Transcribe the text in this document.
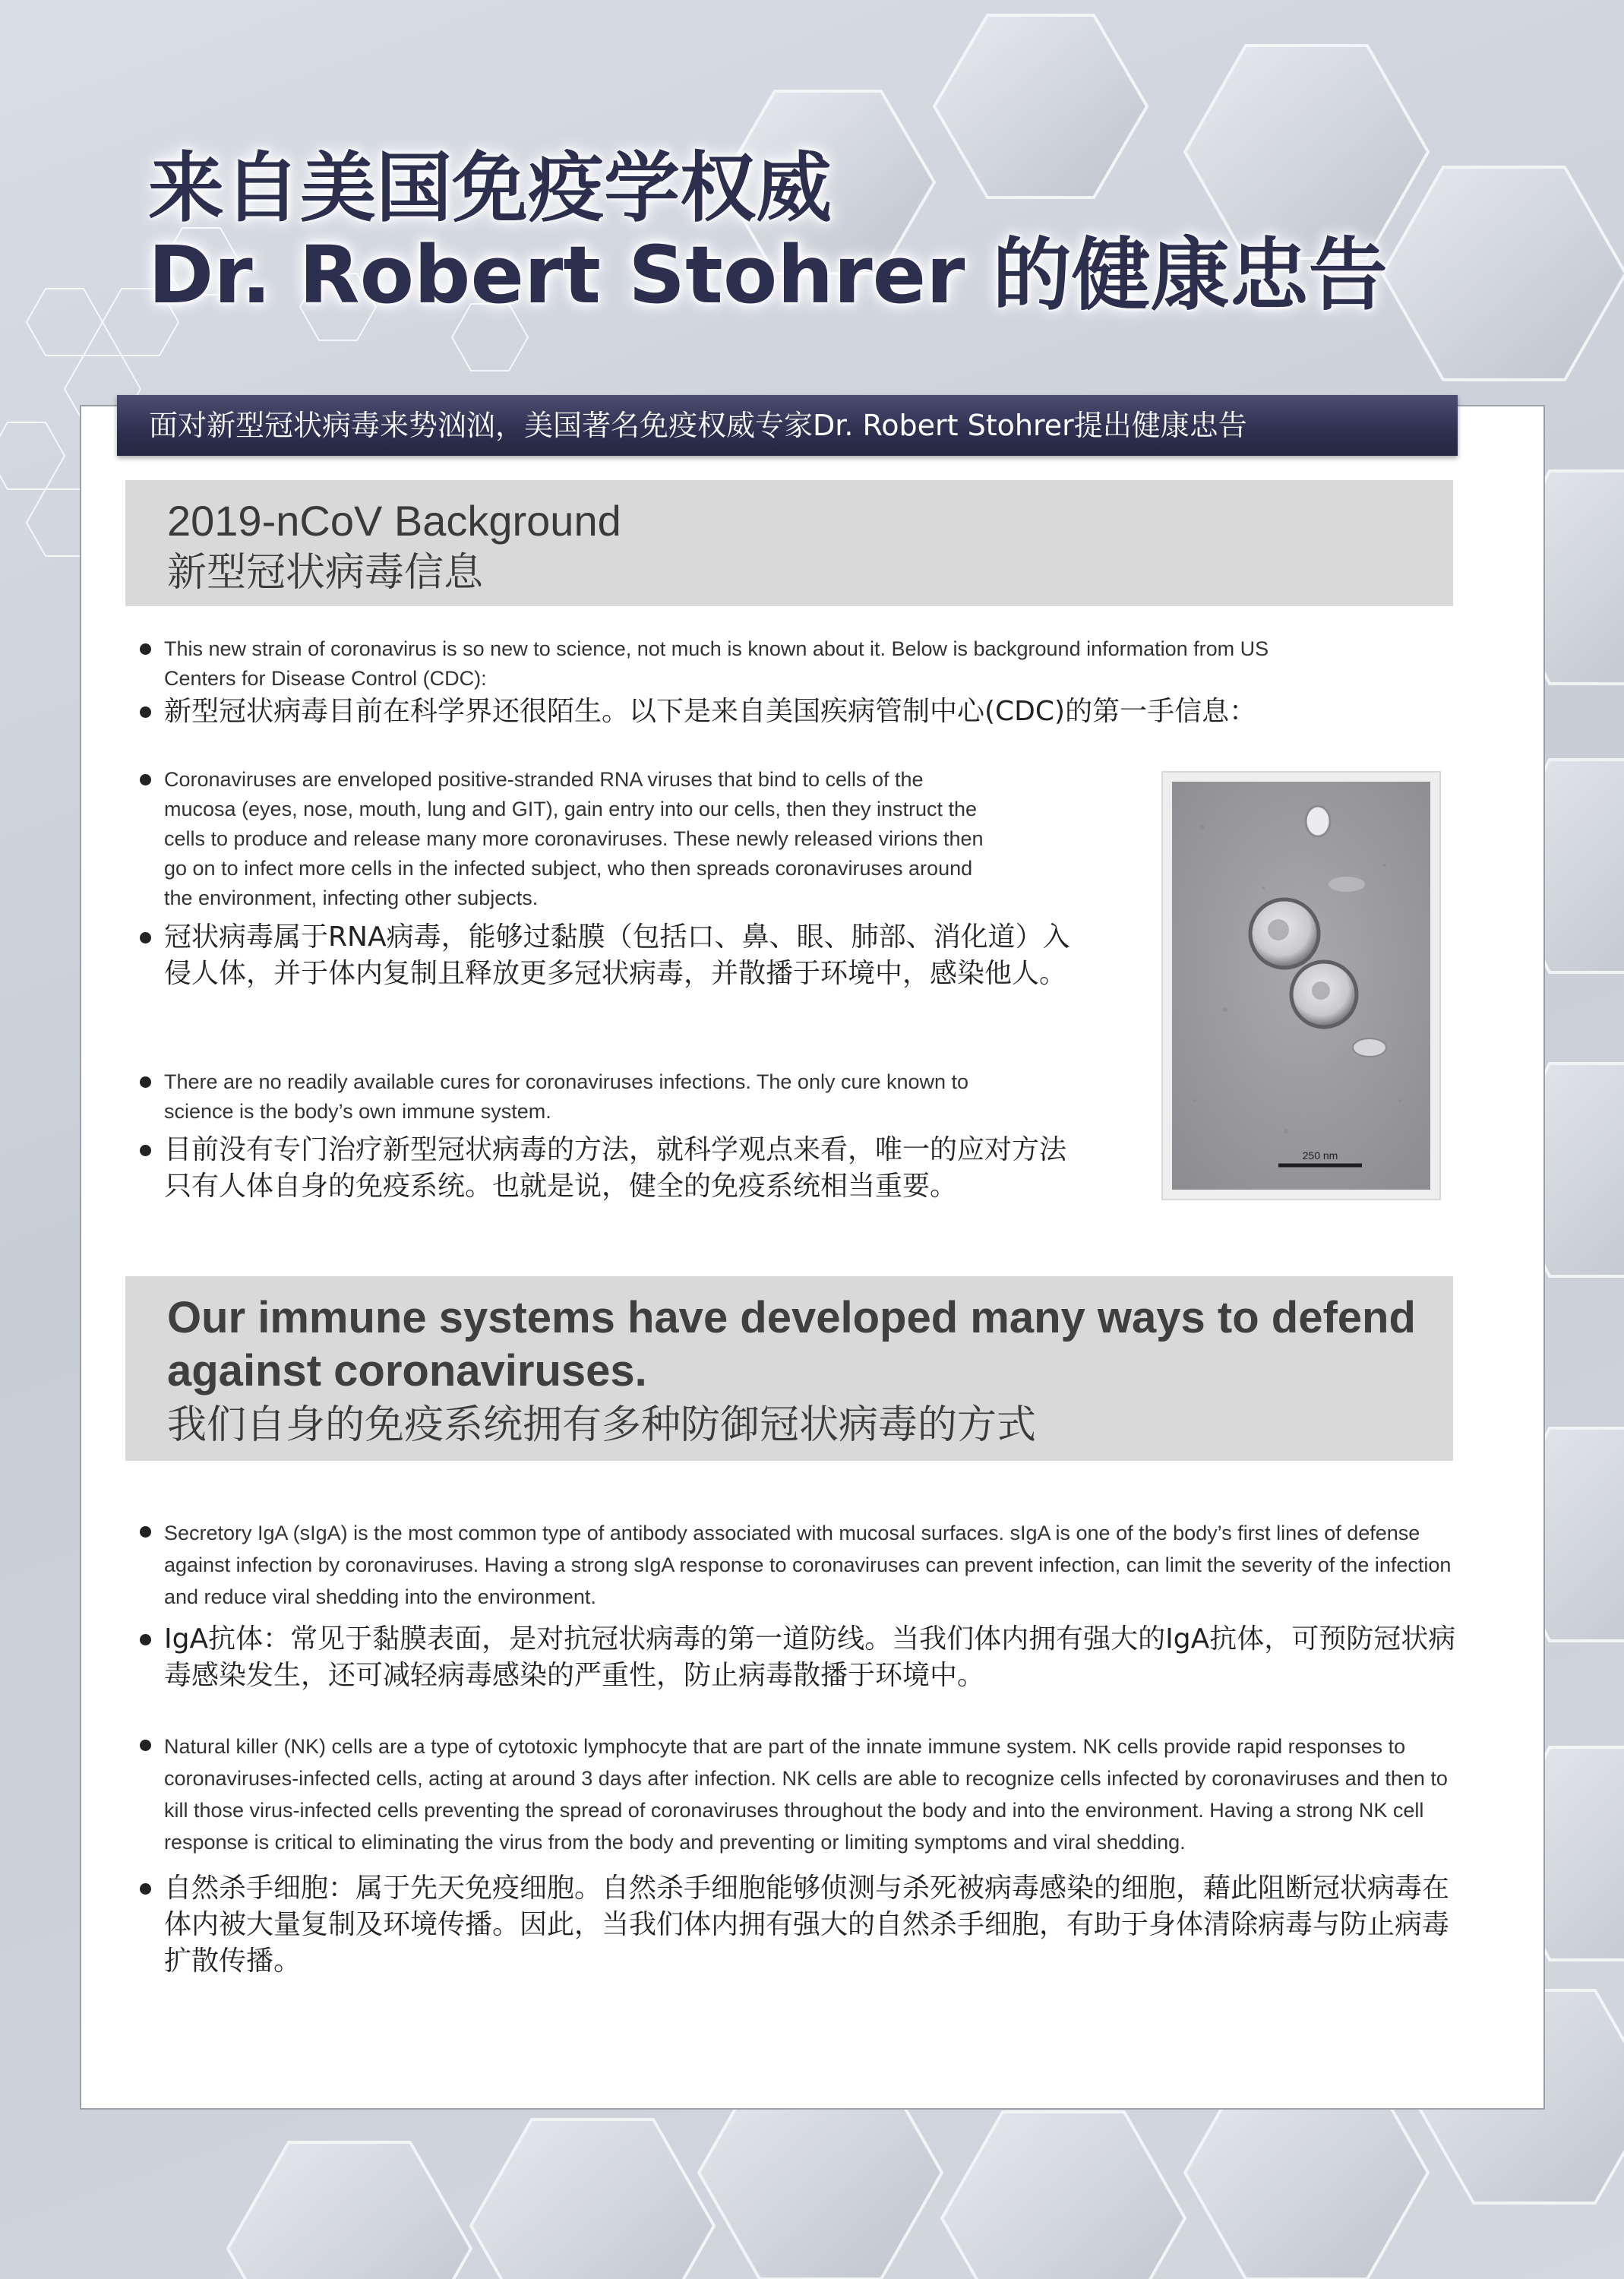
来自美国免疫学权威
Dr. Robert Stohrer 的健康忠告
面对新型冠状病毒来势汹汹，美国著名免疫权威专家Dr. Robert Stohrer提出健康忠告
2019-nCoV Background
新型冠状病毒信息
This new strain of coronavirus is so new to science, not much is known about it. Below is background information from US Centers for Disease Control (CDC):
新型冠状病毒目前在科学界还很陌生。以下是来自美国疾病管制中心(CDC)的第一手信息：
Coronaviruses are enveloped positive-stranded RNA viruses that bind to cells of the mucosa (eyes, nose, mouth, lung and GIT), gain entry into our cells, then they instruct the cells to produce and release many more coronaviruses. These newly released virions then go on to infect more cells in the infected subject, who then spreads coronaviruses around the environment, infecting other subjects.
冠状病毒属于RNA病毒，能够过黏膜（包括口、鼻、眼、肺部、消化道）入侵人体，并于体内复制且释放更多冠状病毒，并散播于环境中，感染他人。
There are no readily available cures for coronaviruses infections. The only cure known to science is the body’s own immune system.
目前没有专门治疗新型冠状病毒的方法，就科学观点来看，唯一的应对方法只有人体自身的免疫系统。也就是说，健全的免疫系统相当重要。
250 nm
Our immune systems have developed many ways to defend against coronaviruses.
我们自身的免疫系统拥有多种防御冠状病毒的方式
Secretory IgA (sIgA) is the most common type of antibody associated with mucosal surfaces. sIgA is one of the body’s first lines of defense against infection by coronaviruses. Having a strong sIgA response to coronaviruses can prevent infection, can limit the severity of the infection and reduce viral shedding into the environment.
IgA抗体：常见于黏膜表面，是对抗冠状病毒的第一道防线。当我们体内拥有强大的IgA抗体，可预防冠状病毒感染发生，还可减轻病毒感染的严重性，防止病毒散播于环境中。
Natural killer (NK) cells are a type of cytotoxic lymphocyte that are part of the innate immune system. NK cells provide rapid responses to coronaviruses-infected cells, acting at around 3 days after infection. NK cells are able to recognize cells infected by coronaviruses and then to kill those virus-infected cells preventing the spread of coronaviruses throughout the body and into the environment. Having a strong NK cell response is critical to eliminating the virus from the body and preventing or limiting symptoms and viral shedding.
自然杀手细胞：属于先天免疫细胞。自然杀手细胞能够侦测与杀死被病毒感染的细胞，藉此阻断冠状病毒在体内被大量复制及环境传播。因此，当我们体内拥有强大的自然杀手细胞，有助于身体清除病毒与防止病毒扩散传播。
